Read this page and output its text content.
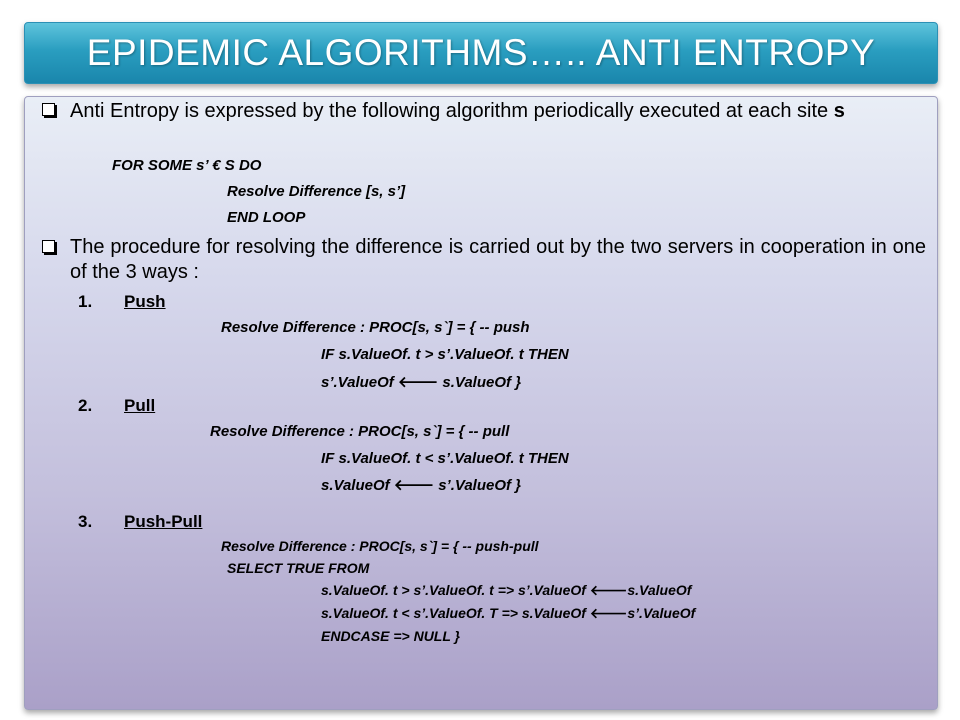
EPIDEMIC ALGORITHMS….. ANTI ENTROPY
Anti Entropy is expressed by the following algorithm periodically executed at each site s
FOR SOME s’ € S DO
Resolve Difference [s, s’]
END LOOP
The procedure for resolving the difference is carried out by the two servers in cooperation in one of the 3 ways :
1. Push
Resolve Difference : PROC[s, s`] = { -- push
IF s.ValueOf. t > s’.ValueOf. t THEN
s’.ValueOf 🡐 s.ValueOf }
2. Pull
Resolve Difference : PROC[s, s`] = { -- pull
IF s.ValueOf. t < s’.ValueOf. t THEN
s.ValueOf 🡐 s’.ValueOf }
3. Push-Pull
Resolve Difference : PROC[s, s`] = { -- push-pull
SELECT TRUE FROM
s.ValueOf. t > s’.ValueOf. t => s’.ValueOf 🡐s.ValueOf
s.ValueOf. t < s’.ValueOf. T => s.ValueOf 🡐s’.ValueOf
ENDCASE => NULL }
